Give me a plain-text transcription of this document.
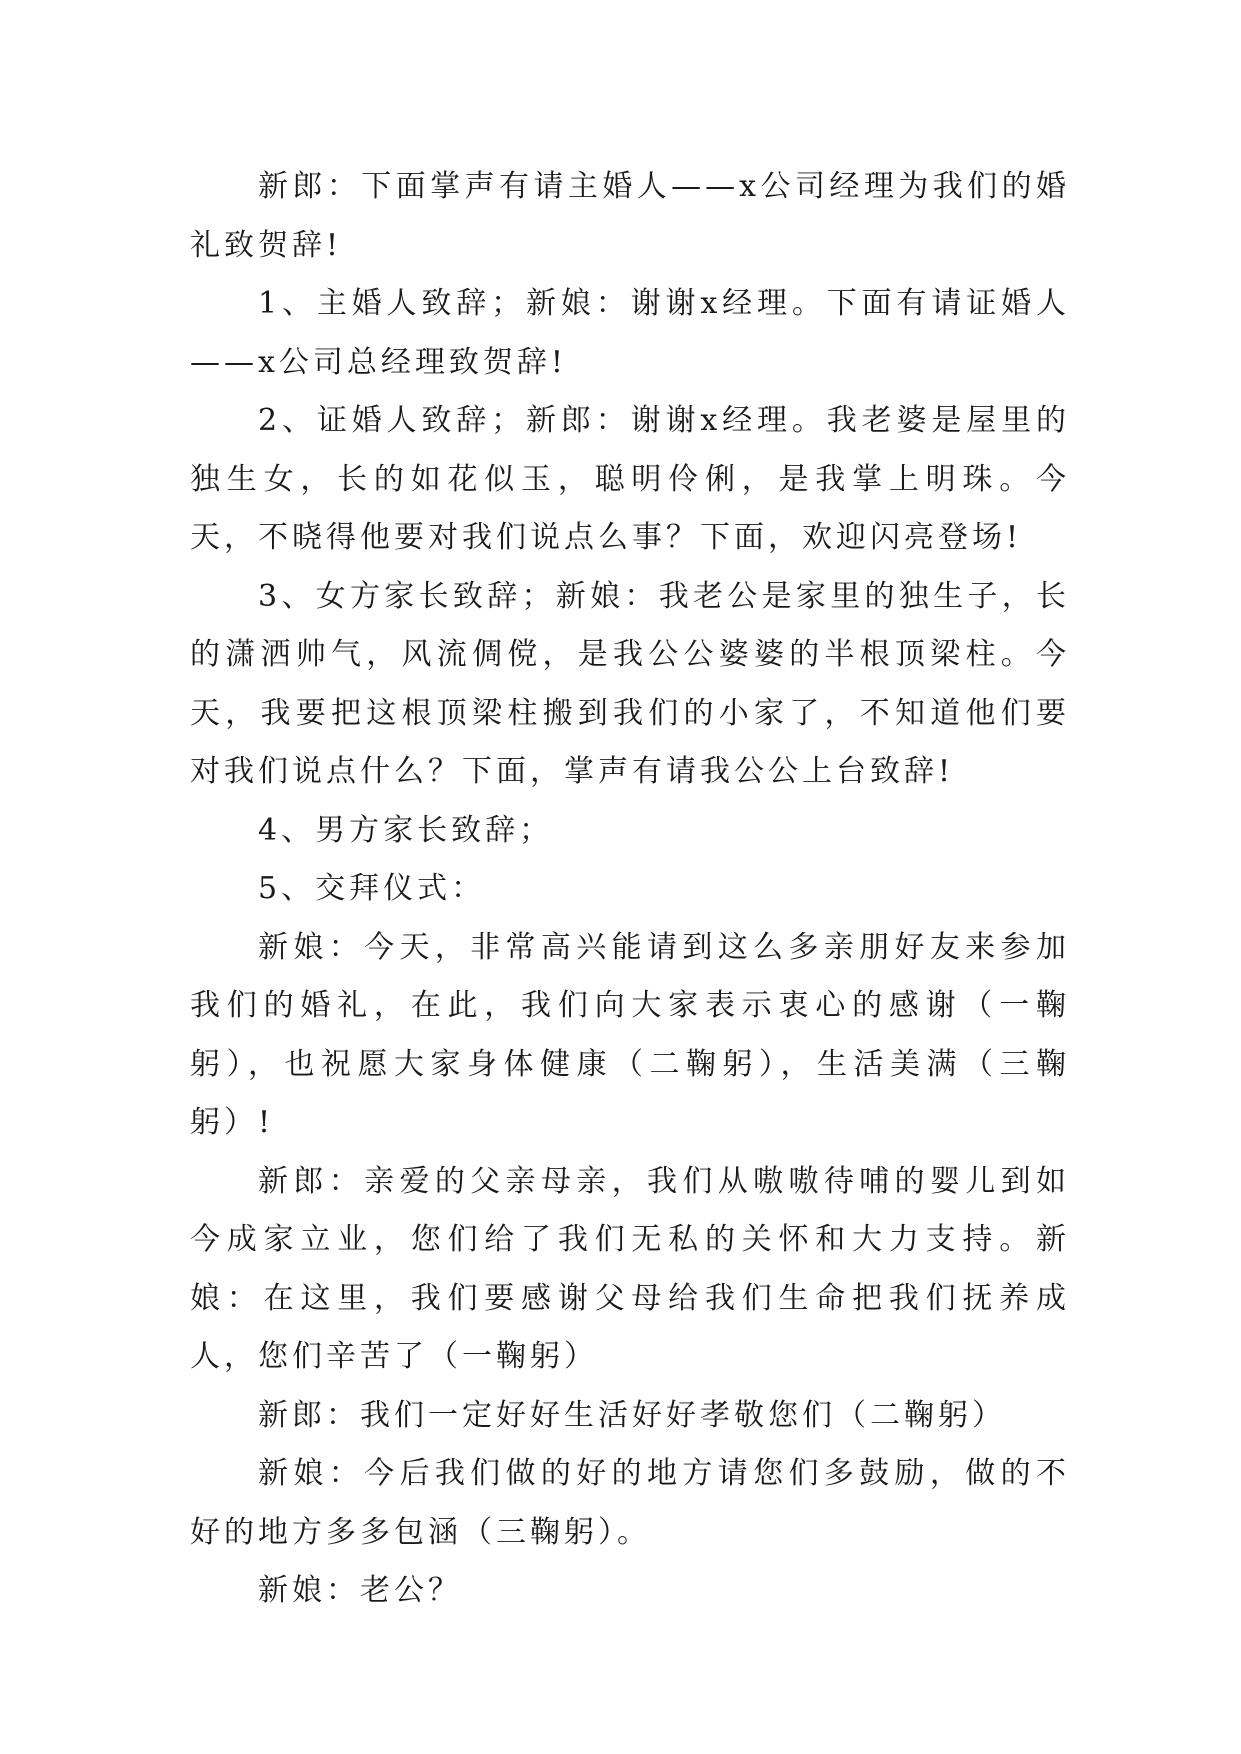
新郎：下面掌声有请主婚人——x公司经理为我们的婚礼致贺辞!

1、主婚人致辞；新娘：谢谢x经理。下面有请证婚人——x公司总经理致贺辞!

2、证婚人致辞；新郎：谢谢x经理。我老婆是屋里的独生女，长的如花似玉，聪明伶俐，是我掌上明珠。今天，不晓得他要对我们说点么事？下面，欢迎闪亮登场!

3、女方家长致辞；新娘：我老公是家里的独生子，长的潇洒帅气，风流倜傥，是我公公婆婆的半根顶梁柱。今天，我要把这根顶梁柱搬到我们的小家了，不知道他们要对我们说点什么？下面，掌声有请我公公上台致辞!

4、男方家长致辞；

5、交拜仪式：

新娘：今天，非常高兴能请到这么多亲朋好友来参加我们的婚礼，在此，我们向大家表示衷心的感谢（一鞠躬），也祝愿大家身体健康（二鞠躬），生活美满（三鞠躬）!

新郎：亲爱的父亲母亲，我们从嗷嗷待哺的婴儿到如今成家立业，您们给了我们无私的关怀和大力支持。新娘：在这里，我们要感谢父母给我们生命把我们抚养成人，您们辛苦了（一鞠躬）

新郎：我们一定好好生活好好孝敬您们（二鞠躬）

新娘：今后我们做的好的地方请您们多鼓励，做的不好的地方多多包涵（三鞠躬）。

新娘：老公？
